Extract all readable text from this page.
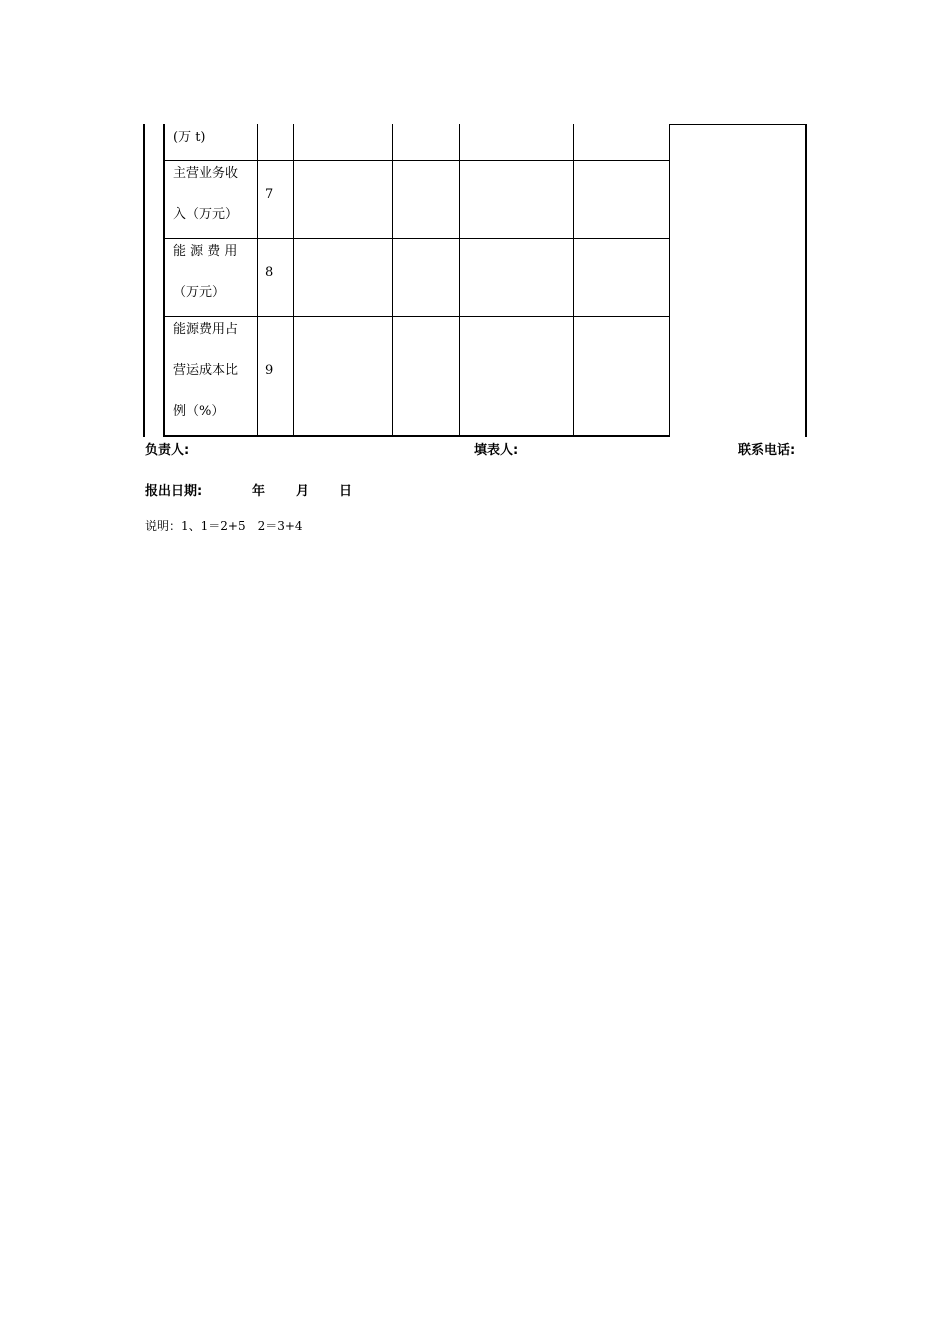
(万 t)
主营业务收
入（万元）
7
能 源 费 用
（万元）
8
能源费用占
营运成本比
例（%）
9
负责人:	填表人:	联系电话:
报出日期:	年 月 日
说明：1、1＝2+5　2＝3+4
